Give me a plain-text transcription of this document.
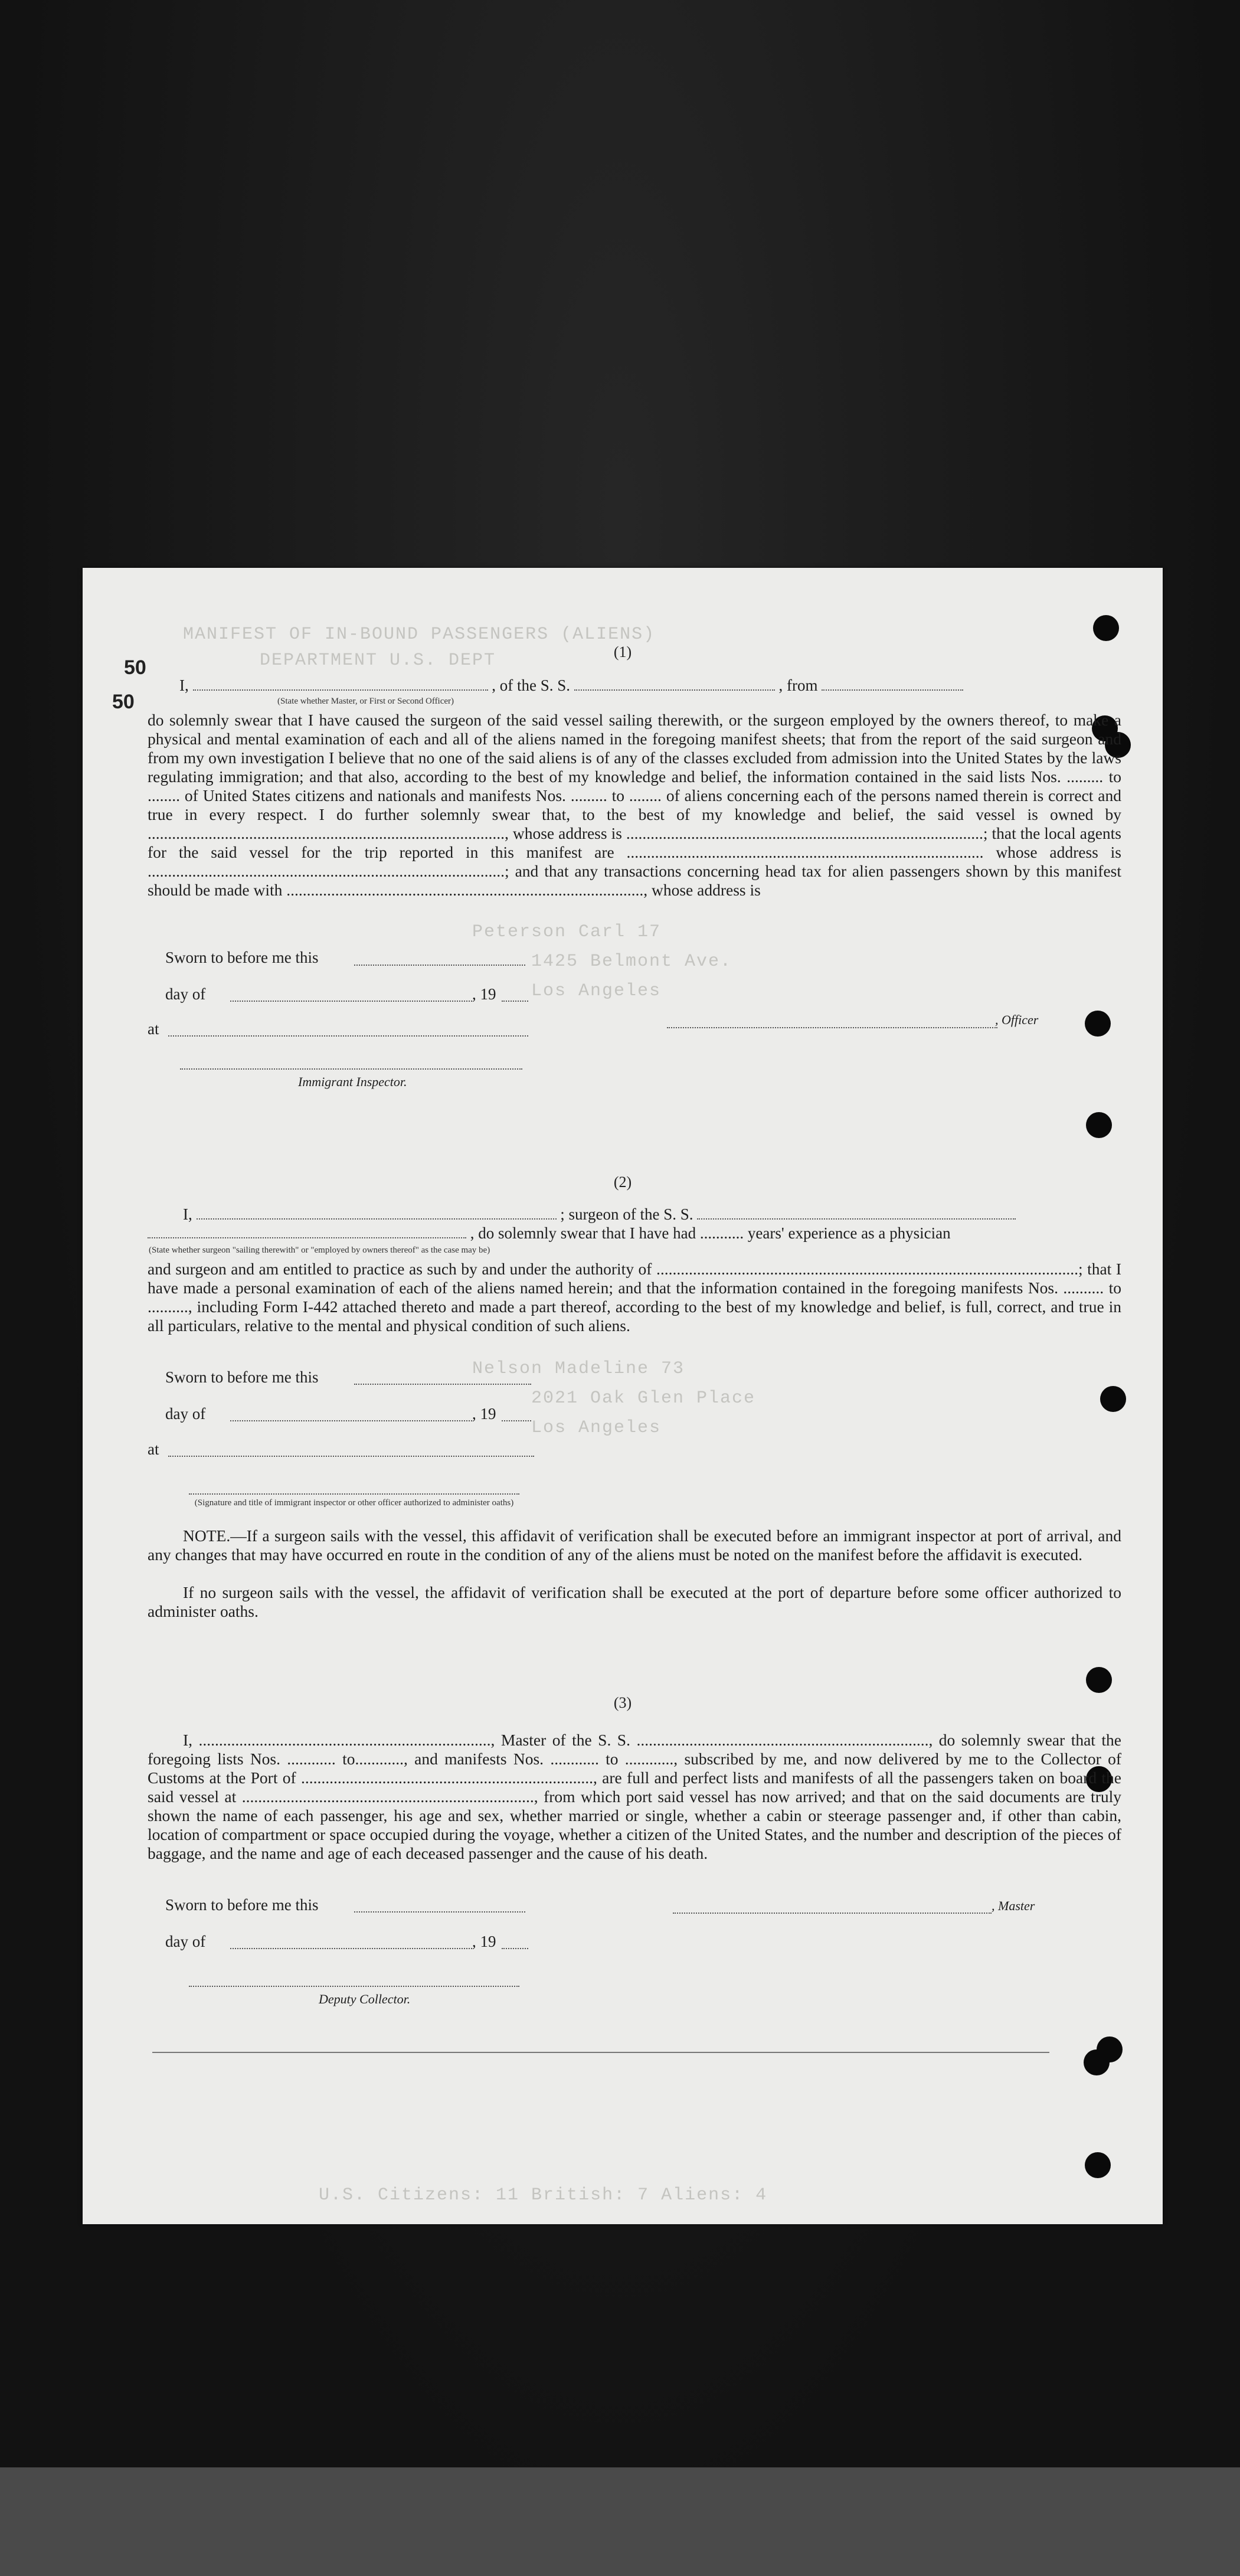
MANIFEST OF IN-BOUND PASSENGERS (ALIENS)
DEPARTMENT U.S. DEPT
Peterson Carl 17
1425 Belmont Ave.
Los Angeles
Nelson Madeline 73
2021 Oak Glen Place
Los Angeles
U.S. Citizens: 11 British: 7 Aliens: 4
50
50
(1)
I,	, of the S. S.	, from
(State whether Master, or First or Second Officer)

do solemnly swear that I have caused the surgeon of the said vessel sailing therewith, or the surgeon employed by the owners thereof, to make a physical and mental examination of each and all of the aliens named in the foregoing manifest sheets; that from the report of the said surgeon and from my own investigation I believe that no one of the said aliens is of any of the classes excluded from admission into the United States by the laws regulating immigration; and that also, according to the best of my knowledge and belief, the information contained in the said lists Nos. ......... to ........ of United States citizens and nationals and manifests Nos. ......... to ........ of aliens concerning each of the persons named therein is correct and true in every respect. I do further solemnly swear that, to the best of my knowledge and belief, the said vessel is owned by ........................................................................................, whose address is ........................................................................................; that the local agents for the said vessel for the trip reported in this manifest are ........................................................................................ whose address is ........................................................................................; and that any transactions concerning head tax for alien passengers shown by this manifest should be made with ........................................................................................, whose address is

Sworn to before me this
day of	, 19
at
, Officer
Immigrant Inspector.
(2)
I,	; surgeon of the S. S.
, do solemnly swear that I have had ........... years' experience as a physician
(State whether surgeon "sailing therewith" or "employed by owners thereof" as the case may be)

and surgeon and am entitled to practice as such by and under the authority of ........................................................................................................; that I have made a personal examination of each of the aliens named herein; and that the information contained in the foregoing manifests Nos. .......... to .........., including Form I-442 attached thereto and made a part thereof, according to the best of my knowledge and belief, is full, correct, and true in all particulars, relative to the mental and physical condition of such aliens.

Sworn to before me this
day of	, 19
at
(Signature and title of immigrant inspector or other officer authorized to administer oaths)

NOTE.—If a surgeon sails with the vessel, this affidavit of verification shall be executed before an immigrant inspector at port of arrival, and any changes that may have occurred en route in the condition of any of the aliens must be noted on the manifest before the affidavit is executed.

If no surgeon sails with the vessel, the affidavit of verification shall be executed at the port of departure before some officer authorized to administer oaths.

(3)

I, ........................................................................, Master of the S. S. ........................................................................, do solemnly swear that the foregoing lists Nos. ............ to............, and manifests Nos. ............ to ............, subscribed by me, and now delivered by me to the Collector of Customs at the Port of ........................................................................, are full and perfect lists and manifests of all the passengers taken on board the said vessel at ........................................................................, from which port said vessel has now arrived; and that on the said documents are truly shown the name of each passenger, his age and sex, whether married or single, whether a cabin or steerage passenger and, if other than cabin, location of compartment or space occupied during the voyage, whether a citizen of the United States, and the number and description of the pieces of baggage, and the name and age of each deceased passenger and the cause of his death.

Sworn to before me this	, Master
day of	, 19
Deputy Collector.
